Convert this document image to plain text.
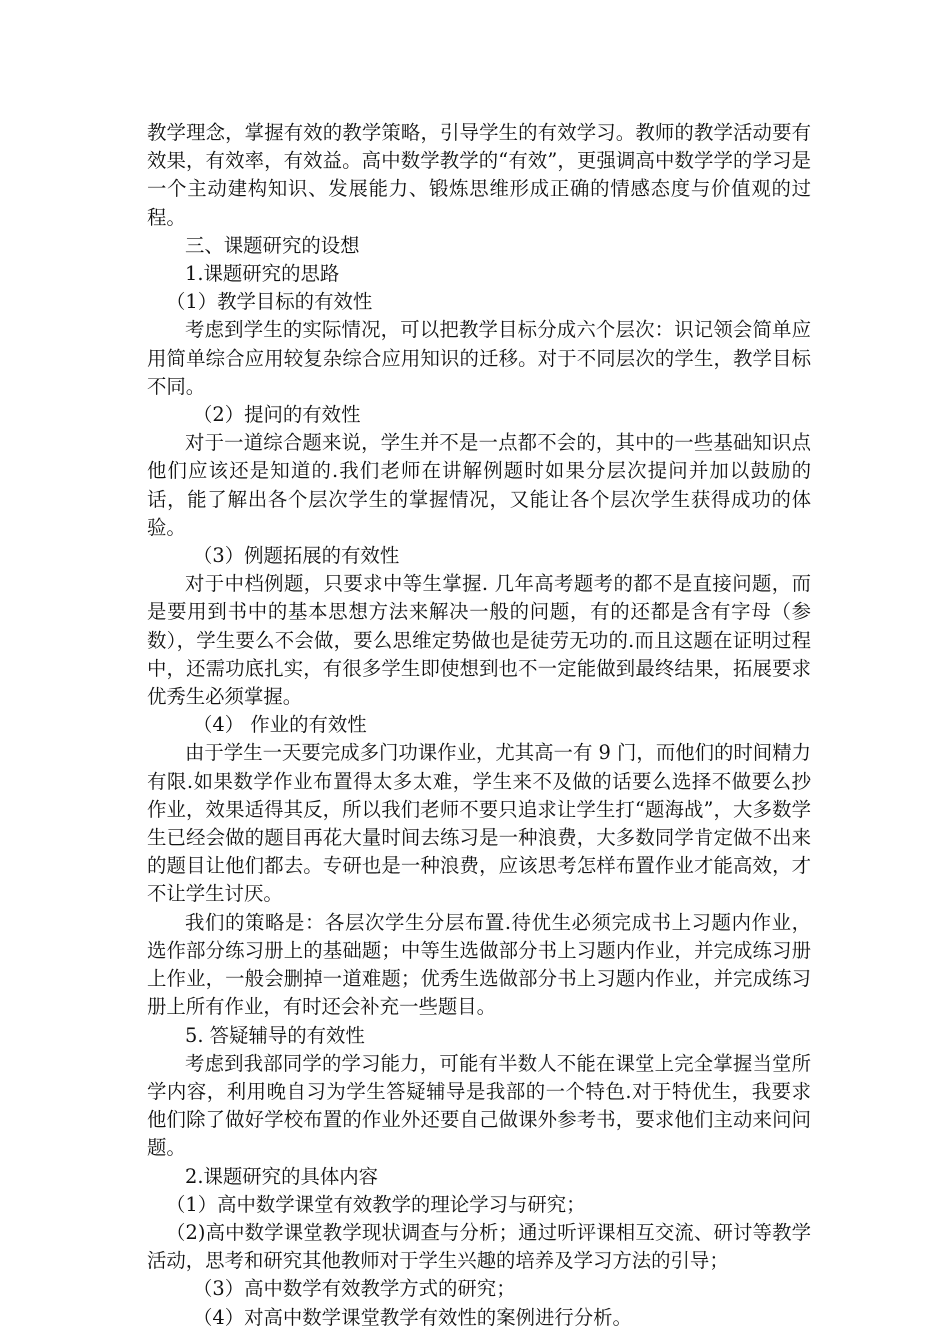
教学理念，掌握有效的教学策略，引导学生的有效学习。教师的教学活动要有效果，有效率，有效益。高中数学教学的“有效”，更强调高中数学学的学习是一个主动建构知识、发展能力、锻炼思维形成正确的情感态度与价值观的过程。

三、课题研究的设想

1.课题研究的思路

（1）教学目标的有效性

考虑到学生的实际情况，可以把教学目标分成六个层次：识记领会简单应用简单综合应用较复杂综合应用知识的迁移。对于不同层次的学生，教学目标不同。

（2）提问的有效性

对于一道综合题来说，学生并不是一点都不会的，其中的一些基础知识点他们应该还是知道的.我们老师在讲解例题时如果分层次提问并加以鼓励的话，能了解出各个层次学生的掌握情况，又能让各个层次学生获得成功的体验。

（3）例题拓展的有效性

对于中档例题，只要求中等生掌握. 几年高考题考的都不是直接问题，而是要用到书中的基本思想方法来解决一般的问题，有的还都是含有字母（参数），学生要么不会做，要么思维定势做也是徒劳无功的.而且这题在证明过程中，还需功底扎实，有很多学生即使想到也不一定能做到最终结果，拓展要求优秀生必须掌握。

（4） 作业的有效性

由于学生一天要完成多门功课作业，尤其高一有 9 门，而他们的时间精力有限.如果数学作业布置得太多太难，学生来不及做的话要么选择不做要么抄作业，效果适得其反，所以我们老师不要只追求让学生打“题海战”，大多数学生已经会做的题目再花大量时间去练习是一种浪费，大多数同学肯定做不出来的题目让他们都去。专研也是一种浪费，应该思考怎样布置作业才能高效，才不让学生讨厌。

我们的策略是：各层次学生分层布置.待优生必须完成书上习题内作业，选作部分练习册上的基础题；中等生选做部分书上习题内作业，并完成练习册上作业，一般会删掉一道难题；优秀生选做部分书上习题内作业，并完成练习册上所有作业，有时还会补充一些题目。

5. 答疑辅导的有效性

考虑到我部同学的学习能力，可能有半数人不能在课堂上完全掌握当堂所学内容，利用晚自习为学生答疑辅导是我部的一个特色.对于特优生，我要求他们除了做好学校布置的作业外还要自己做课外参考书，要求他们主动来问问题。

2.课题研究的具体内容

（1）高中数学课堂有效教学的理论学习与研究；

（2)高中数学课堂教学现状调查与分析；通过听评课相互交流、研讨等教学活动，思考和研究其他教师对于学生兴趣的培养及学习方法的引导；

（3）高中数学有效教学方式的研究；

（4）对高中数学课堂教学有效性的案例进行分析。
